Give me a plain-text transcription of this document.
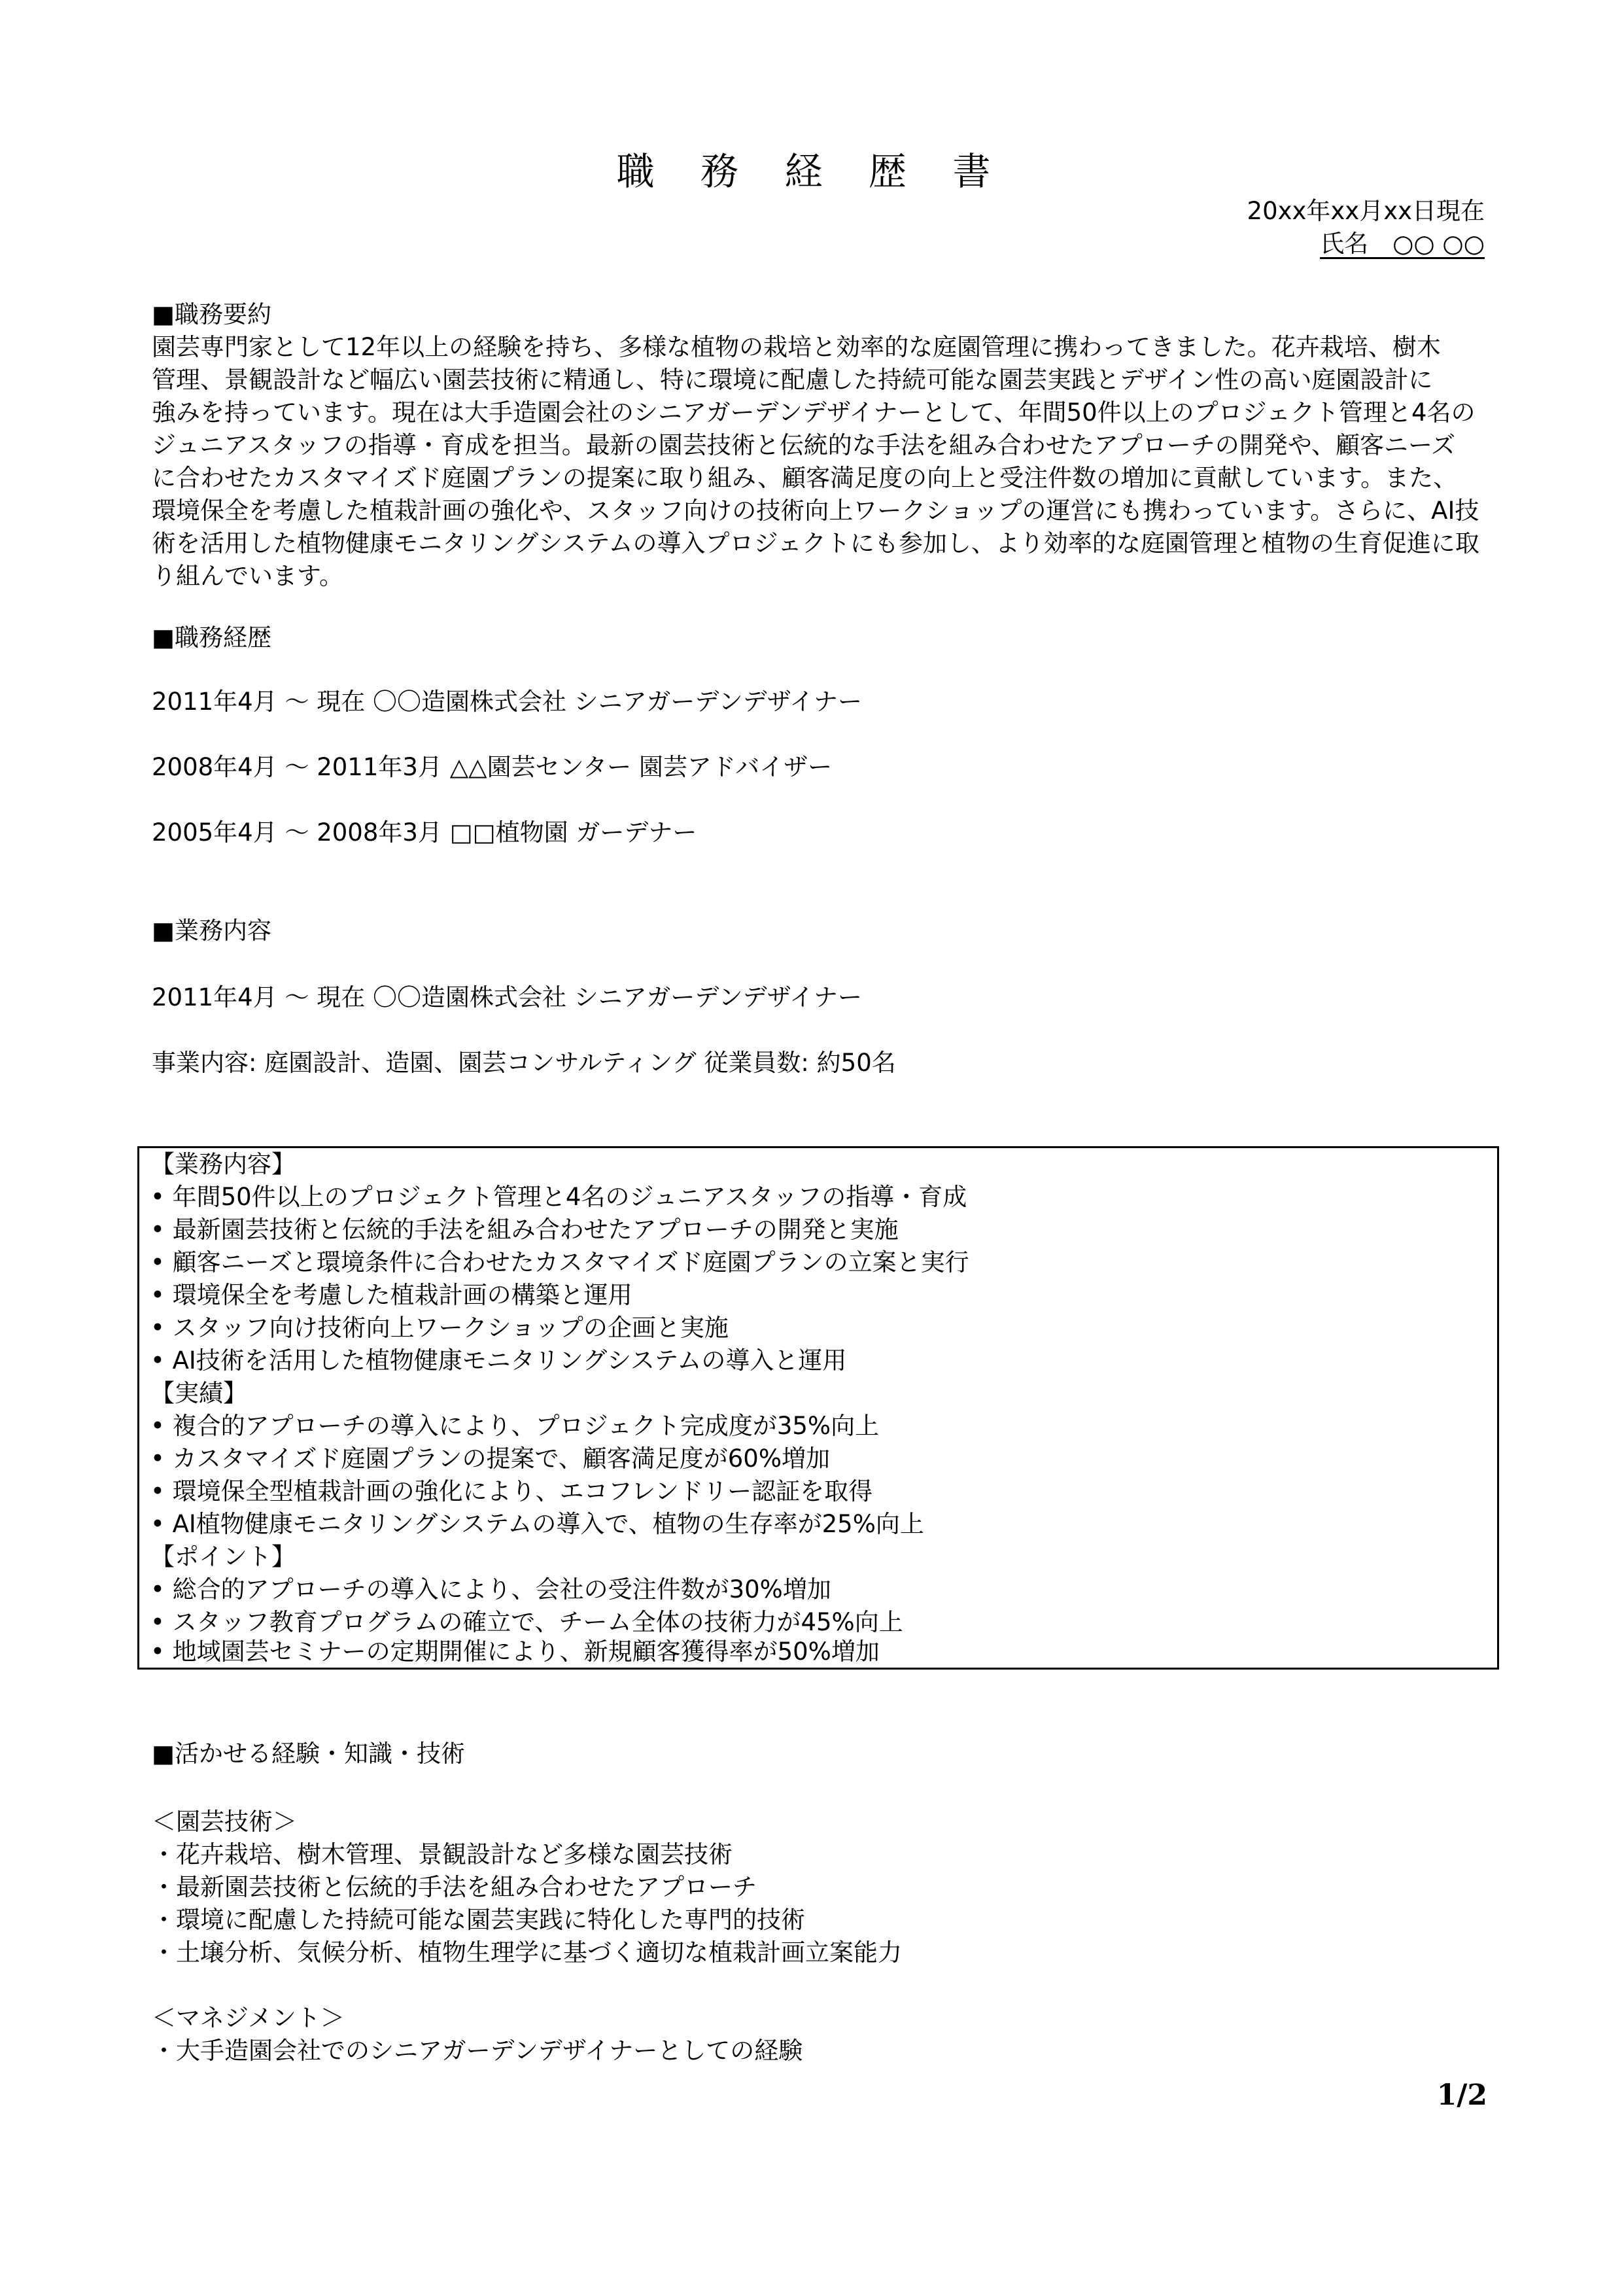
職 務 経 歴 書
20xx年xx月xx日現在
氏名　○○ ○○
■職務要約
園芸専門家として12年以上の経験を持ち、多様な植物の栽培と効率的な庭園管理に携わってきました。花卉栽培、樹木
管理、景観設計など幅広い園芸技術に精通し、特に環境に配慮した持続可能な園芸実践とデザイン性の高い庭園設計に
強みを持っています。現在は大手造園会社のシニアガーデンデザイナーとして、年間50件以上のプロジェクト管理と4名の
ジュニアスタッフの指導・育成を担当。最新の園芸技術と伝統的な手法を組み合わせたアプローチの開発や、顧客ニーズ
に合わせたカスタマイズド庭園プランの提案に取り組み、顧客満足度の向上と受注件数の増加に貢献しています。また、
環境保全を考慮した植栽計画の強化や、スタッフ向けの技術向上ワークショップの運営にも携わっています。さらに、AI技
術を活用した植物健康モニタリングシステムの導入プロジェクトにも参加し、より効率的な庭園管理と植物の生育促進に取
り組んでいます。
■職務経歴
2011年4月 ～ 現在 〇〇造園株式会社 シニアガーデンデザイナー
2008年4月 ～ 2011年3月 △△園芸センター 園芸アドバイザー
2005年4月 ～ 2008年3月 □□植物園 ガーデナー
■業務内容
2011年4月 ～ 現在 〇〇造園株式会社 シニアガーデンデザイナー
事業内容: 庭園設計、造園、園芸コンサルティング 従業員数: 約50名
【業務内容】
• 年間50件以上のプロジェクト管理と4名のジュニアスタッフの指導・育成
• 最新園芸技術と伝統的手法を組み合わせたアプローチの開発と実施
• 顧客ニーズと環境条件に合わせたカスタマイズド庭園プランの立案と実行
• 環境保全を考慮した植栽計画の構築と運用
• スタッフ向け技術向上ワークショップの企画と実施
• AI技術を活用した植物健康モニタリングシステムの導入と運用
【実績】
• 複合的アプローチの導入により、プロジェクト完成度が35%向上
• カスタマイズド庭園プランの提案で、顧客満足度が60%増加
• 環境保全型植栽計画の強化により、エコフレンドリー認証を取得
• AI植物健康モニタリングシステムの導入で、植物の生存率が25%向上
【ポイント】
• 総合的アプローチの導入により、会社の受注件数が30%増加
• スタッフ教育プログラムの確立で、チーム全体の技術力が45%向上
• 地域園芸セミナーの定期開催により、新規顧客獲得率が50%増加
■活かせる経験・知識・技術
＜園芸技術＞
・花卉栽培、樹木管理、景観設計など多様な園芸技術
・最新園芸技術と伝統的手法を組み合わせたアプローチ
・環境に配慮した持続可能な園芸実践に特化した専門的技術
・土壌分析、気候分析、植物生理学に基づく適切な植栽計画立案能力
＜マネジメント＞
・大手造園会社でのシニアガーデンデザイナーとしての経験
1/2
